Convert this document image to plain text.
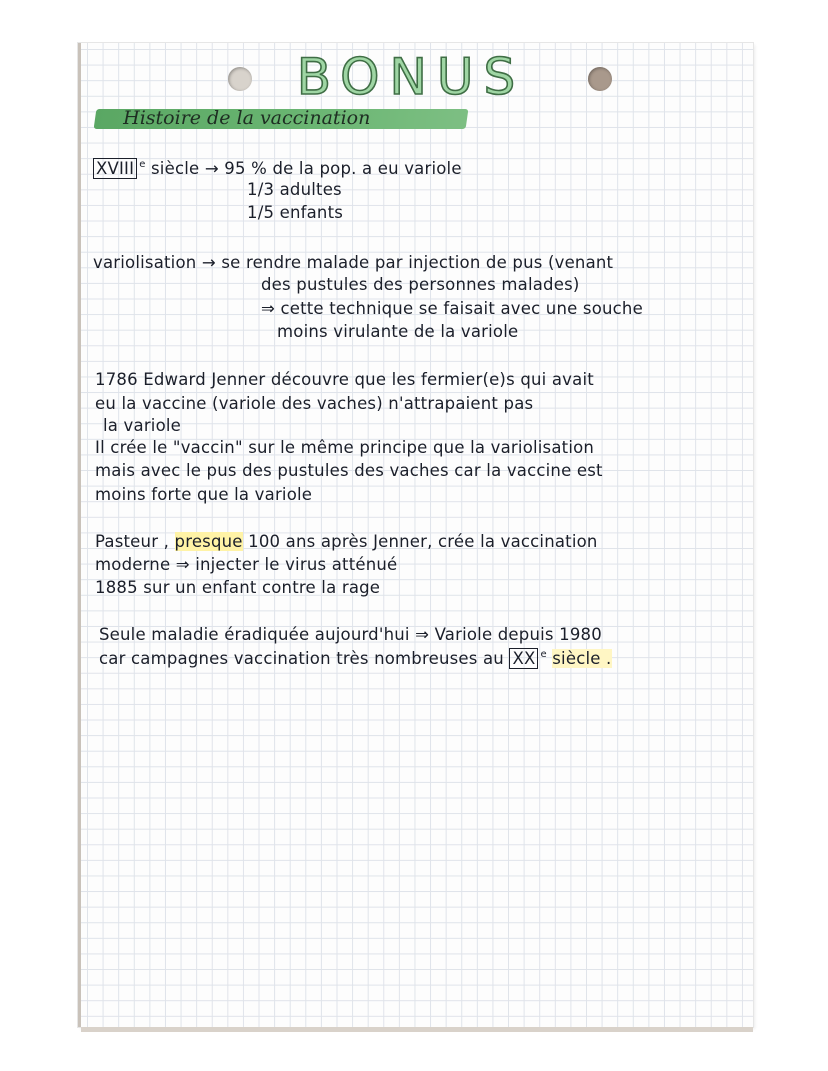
BONUS
Histoire de la vaccination
XVIII $^e$ siècle → 95 % de la pop. a eu variole
1/3 adultes
1/5 enfants
variolisation → se rendre malade par injection de pus (venant
des pustules des personnes malades)
⇒ cette technique se faisait avec une souche
moins virulante de la variole
1786 Edward Jenner découvre que les fermier(e)s qui avait
eu la vaccine (variole des vaches) n'attrapaient pas
la variole
Il crée le "vaccin" sur le même principe que la variolisation
mais avec le pus des pustules des vaches car la vaccine est
moins forte que la variole
Pasteur , presque 100 ans après Jenner, crée la vaccination
moderne ⇒ injecter le virus atténué
1885 sur un enfant contre la rage
Seule maladie éradiquée aujourd'hui ⇒ Variole depuis 1980
car campagnes vaccination très nombreuses au XX $^e$ siècle .
